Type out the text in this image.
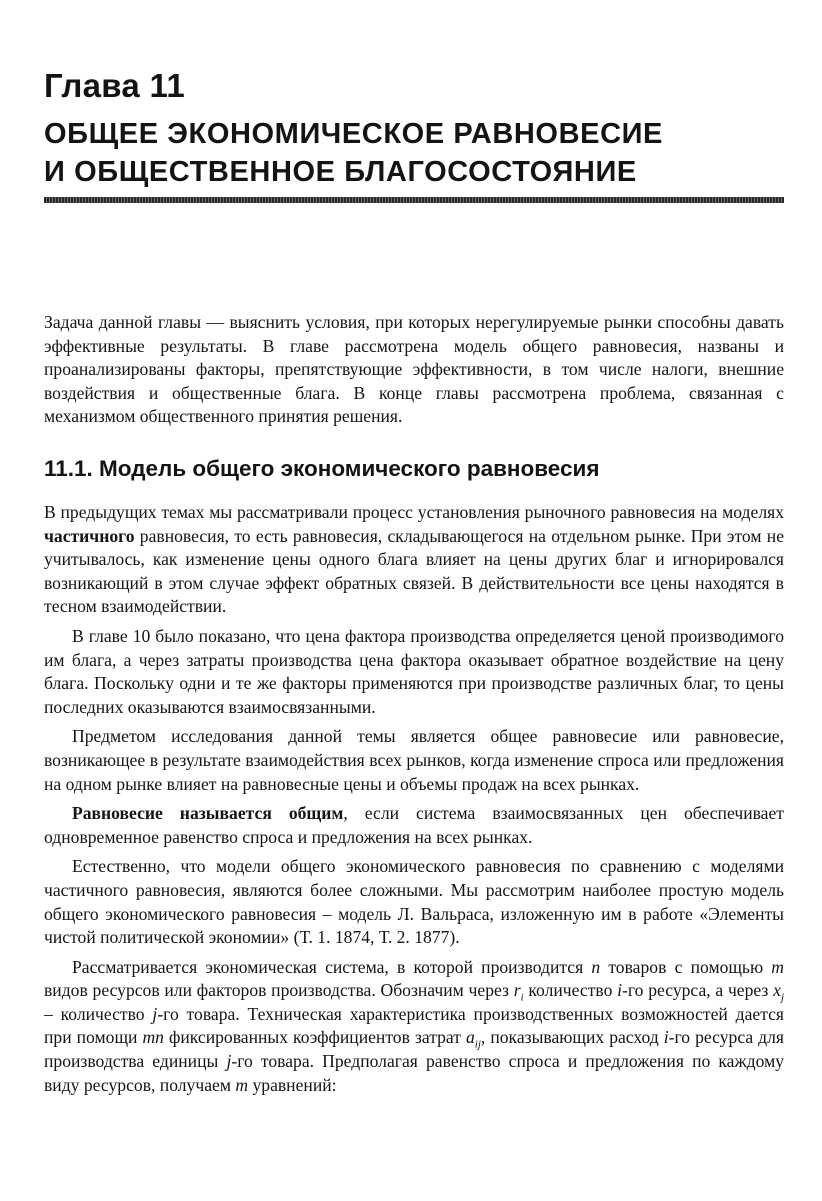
Глава 11
ОБЩЕЕ ЭКОНОМИЧЕСКОЕ РАВНОВЕСИЕ
И ОБЩЕСТВЕННОЕ БЛАГОСОСТОЯНИЕ

Задача данной главы — выяснить условия, при которых нерегулируемые рынки способны давать эффективные результаты. В главе рассмотрена модель общего равновесия, названы и проанализированы факторы, препятствующие эффективности, в том числе налоги, внешние воздействия и общественные блага. В конце главы рассмотрена проблема, связанная с механизмом общественного принятия решения.

11.1. Модель общего экономического равновесия

В предыдущих темах мы рассматривали процесс установления рыночного равновесия на моделях частичного равновесия, то есть равновесия, складывающегося на отдельном рынке. При этом не учитывалось, как изменение цены одного блага влияет на цены других благ и игнорировался возникающий в этом случае эффект обратных связей. В действительности все цены находятся в тесном взаимодействии.

В главе 10 было показано, что цена фактора производства определяется ценой производимого им блага, а через затраты производства цена фактора оказывает обратное воздействие на цену блага. Поскольку одни и те же факторы применяются при производстве различных благ, то цены последних оказываются взаимосвязанными.

Предметом исследования данной темы является общее равновесие или равновесие, возникающее в результате взаимодействия всех рынков, когда изменение спроса или предложения на одном рынке влияет на равновесные цены и объемы продаж на всех рынках.

Равновесие называется общим, если система взаимосвязанных цен обеспечивает одновременное равенство спроса и предложения на всех рынках.

Естественно, что модели общего экономического равновесия по сравнению с моделями частичного равновесия, являются более сложными. Мы рассмотрим наиболее простую модель общего экономического равновесия – модель Л. Вальраса, изложенную им в работе «Элементы чистой политической экономии» (Т. 1. 1874, Т. 2. 1877).

Рассматривается экономическая система, в которой производится n товаров с помощью m видов ресурсов или факторов производства. Обозначим через $r_i$ количество i-го ресурса, а через $x_j$ – количество j-го товара. Техническая характеристика производственных возможностей дается при помощи mn фиксированных коэффициентов затрат $a_{ij}$, показывающих расход i-го ресурса для производства единицы j-го товара. Предполагая равенство спроса и предложения по каждому виду ресурсов, получаем m уравнений:
